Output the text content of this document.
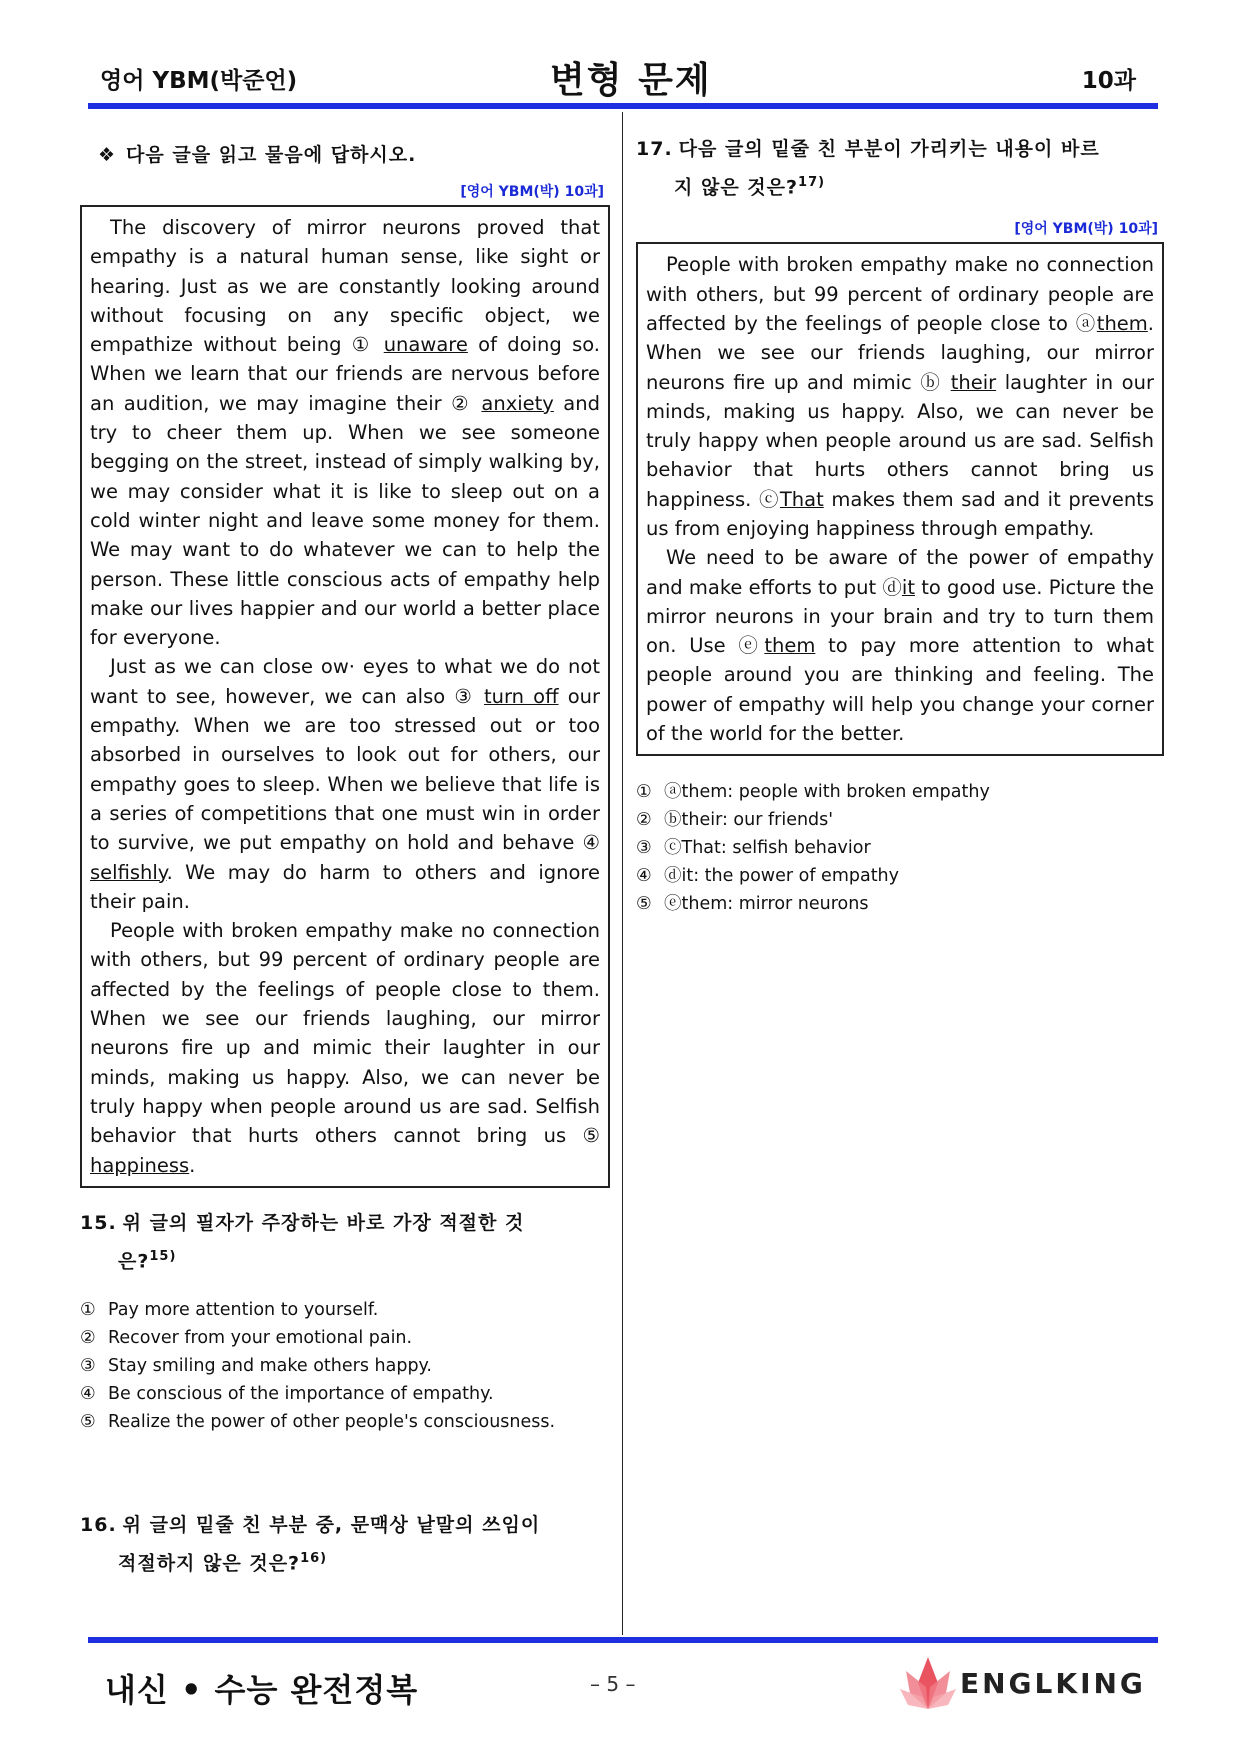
영어 YBM(박준언)	변형 문제	10과
❖ 다음 글을 읽고 물음에 답하시오.
[영어 YBM(박) 10과]

The discovery of mirror neurons proved that empathy is a natural human sense, like sight or hearing. Just as we are constantly looking around without focusing on any specific object, we empathize without being ① unaware of doing so. When we learn that our friends are nervous before an audition, we may imagine their ② anxiety and try to cheer them up. When we see someone begging on the street, instead of simply walking by, we may consider what it is like to sleep out on a cold winter night and leave some money for them. We may want to do whatever we can to help the person. These little conscious acts of empathy help make our lives happier and our world a better place for everyone.

Just as we can close ow· eyes to what we do not want to see, however, we can also ③ turn off our empathy. When we are too stressed out or too absorbed in ourselves to look out for others, our empathy goes to sleep. When we believe that life is a series of competitions that one must win in order to survive, we put empathy on hold and behave ④ selfishly. We may do harm to others and ignore their pain.

People with broken empathy make no connection with others, but 99 percent of ordinary people are affected by the feelings of people close to them. When we see our friends laughing, our mirror neurons fire up and mimic their laughter in our minds, making us happy. Also, we can never be truly happy when people around us are sad. Selfish behavior that hurts others cannot bring us ⑤ happiness.

15. 위 글의 필자가 주장하는 바로 가장 적절한 것
은?$^{15)}$
① Pay more attention to yourself.
② Recover from your emotional pain.
③ Stay smiling and make others happy.
④ Be conscious of the importance of empathy.
⑤ Realize the power of other people's consciousness.
16. 위 글의 밑줄 친 부분 중, 문맥상 낱말의 쓰임이
적절하지 않은 것은?$^{16)}$
17. 다음 글의 밑줄 친 부분이 가리키는 내용이 바르
지 않은 것은?$^{17)}$
[영어 YBM(박) 10과]

People with broken empathy make no connection with others, but 99 percent of ordinary people are affected by the feelings of people close to ⓐthem. When we see our friends laughing, our mirror neurons fire up and mimic ⓑ their laughter in our minds, making us happy. Also, we can never be truly happy when people around us are sad. Selfish behavior that hurts others cannot bring us happiness. ⓒThat makes them sad and it prevents us from enjoying happiness through empathy.

We need to be aware of the power of empathy and make efforts to put ⓓit to good use. Picture the mirror neurons in your brain and try to turn them on. Use ⓔthem to pay more attention to what people around you are thinking and feeling. The power of empathy will help you change your corner of the world for the better.

① ⓐthem: people with broken empathy
② ⓑtheir: our friends'
③ ⓒThat: selfish behavior
④ ⓓit: the power of empathy
⑤ ⓔthem: mirror neurons
내신 • 수능 완전정복	– 5 –	ENGLKING
